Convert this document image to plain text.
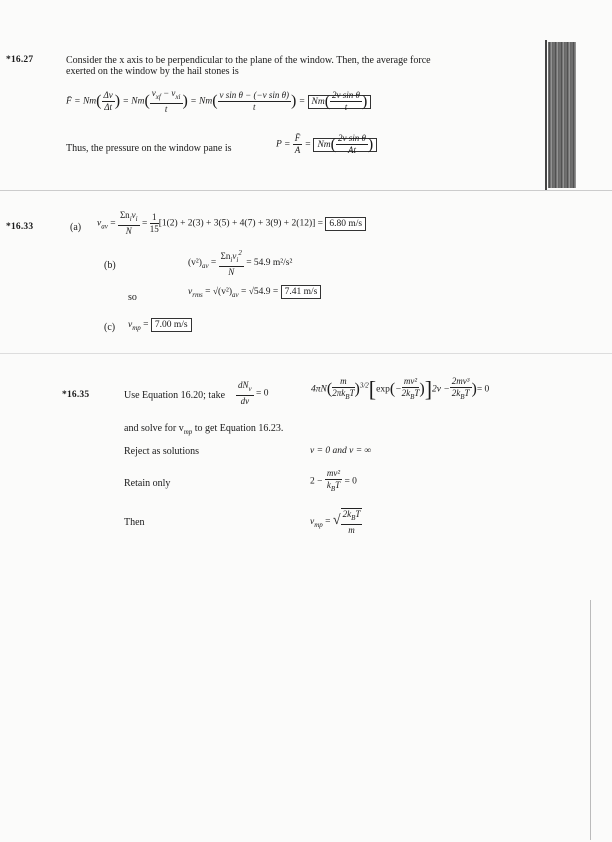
*16.27	Consider the x axis to be perpendicular to the plane of the window. Then, the average force
exerted on the window by the hail stones is
F̄ = $Nm( \frac{\Delta v}{\Delta t}$ ) = $Nm( \frac{v_{xf} - v_{xi}}{t}$ ) = $Nm( \frac{\text{v sin θ − (−v sin θ)}}{t}$ ) = $Nm( \frac{\text{2v sin θ}}{t}$ )
Thus, the pressure on the window pane is	$P = \frac{F̄}{A} = Nm( \frac{\text{2v sin θ}}{At}$ )
*16.33	(a) $v_{av} = \frac{\Sigma n_iv_i}{N} = \frac{1}{15} [1(2) + 2(3) + 3(5) + 4(7) + 3(9) + 2(12)] = 6.80$ m/s
(b)	$(v^2)_{av} = \frac{\Sigma n_iv_i^2}{N} = 54.9$ m²/s²
so	$v_{rms} = √(v^2)_{av} = √54.9 = 7.41$ m/s
(c) $v_{mp} = 7.00$ m/s
*16.35	Use Equation 16.20; take $\frac{dN_v}{dv} = 0$	$4\pi N( \frac{m}{2\pi k_BT} )^{3/2}[\exp(- \frac{\text{mv²}}{2k_BT} )]2v - \frac{\text{2mv³}}{2k_BT}$ )= 0
and solve for $v_{mp}$ to get Equation 16.23.
Reject as solutions	v = 0 and v = ∞
Retain only	$2 - \frac{\text{mv²}}{k_BT} = 0$
Then	$v_{mp}$ = √ $\frac{2k_BT}{m}$
